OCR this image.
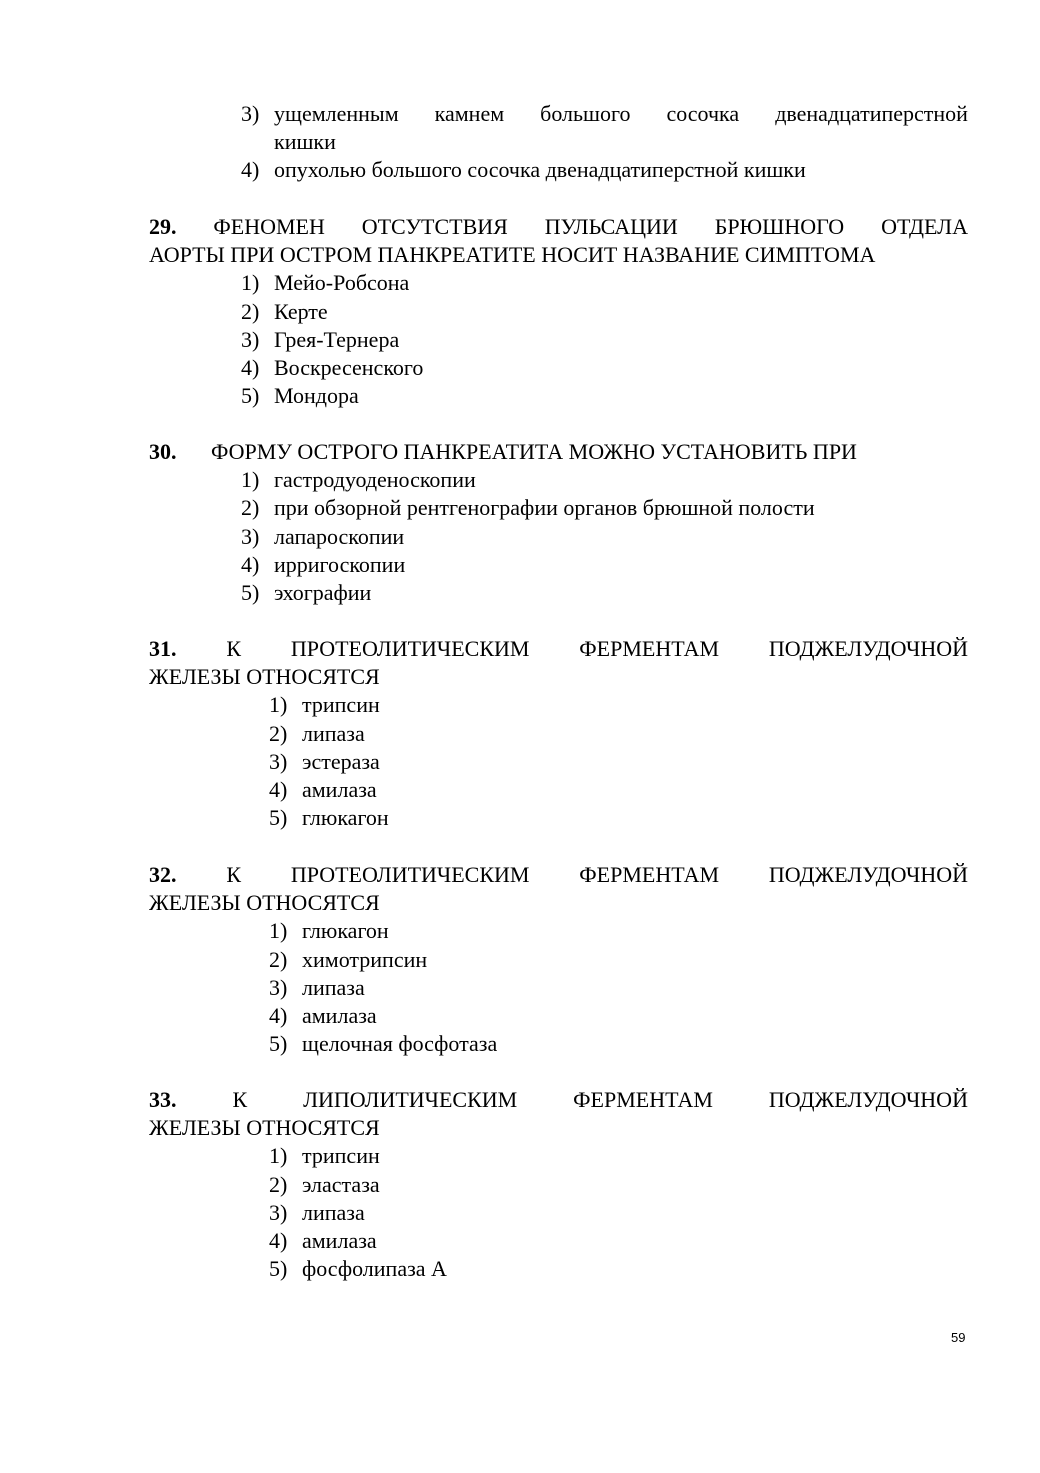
3) ущемленным камнем большого сосочка двенадцатиперстной
кишки
4) опухолью большого сосочка двенадцатиперстной кишки
29. ФЕНОМЕН ОТСУТСТВИЯ ПУЛЬСАЦИИ БРЮШНОГО ОТДЕЛА
АОРТЫ ПРИ ОСТРОМ ПАНКРЕАТИТЕ НОСИТ НАЗВАНИЕ СИМПТОМА
1) Мейо-Робсона
2) Керте
3) Грея-Тернера
4) Воскресенского
5) Мондора
30. ФОРМУ ОСТРОГО ПАНКРЕАТИТА МОЖНО УСТАНОВИТЬ ПРИ
1) гастродуоденоскопии
2) при обзорной рентгенографии органов брюшной полости
3) лапароскопии
4) ирригоскопии
5) эхографии
31. К ПРОТЕОЛИТИЧЕСКИМ ФЕРМЕНТАМ ПОДЖЕЛУДОЧНОЙ
ЖЕЛЕЗЫ ОТНОСЯТСЯ
1) трипсин
2) липаза
3) эстераза
4) амилаза
5) глюкагон
32. К ПРОТЕОЛИТИЧЕСКИМ ФЕРМЕНТАМ ПОДЖЕЛУДОЧНОЙ
ЖЕЛЕЗЫ ОТНОСЯТСЯ
1) глюкагон
2) химотрипсин
3) липаза
4) амилаза
5) щелочная фосфотаза
33.	К	ЛИПОЛИТИЧЕСКИМ	ФЕРМЕНТАМ	ПОДЖЕЛУДОЧНОЙ
ЖЕЛЕЗЫ ОТНОСЯТСЯ
1) трипсин
2) эластаза
3) липаза
4) амилаза
5) фосфолипаза А
59
